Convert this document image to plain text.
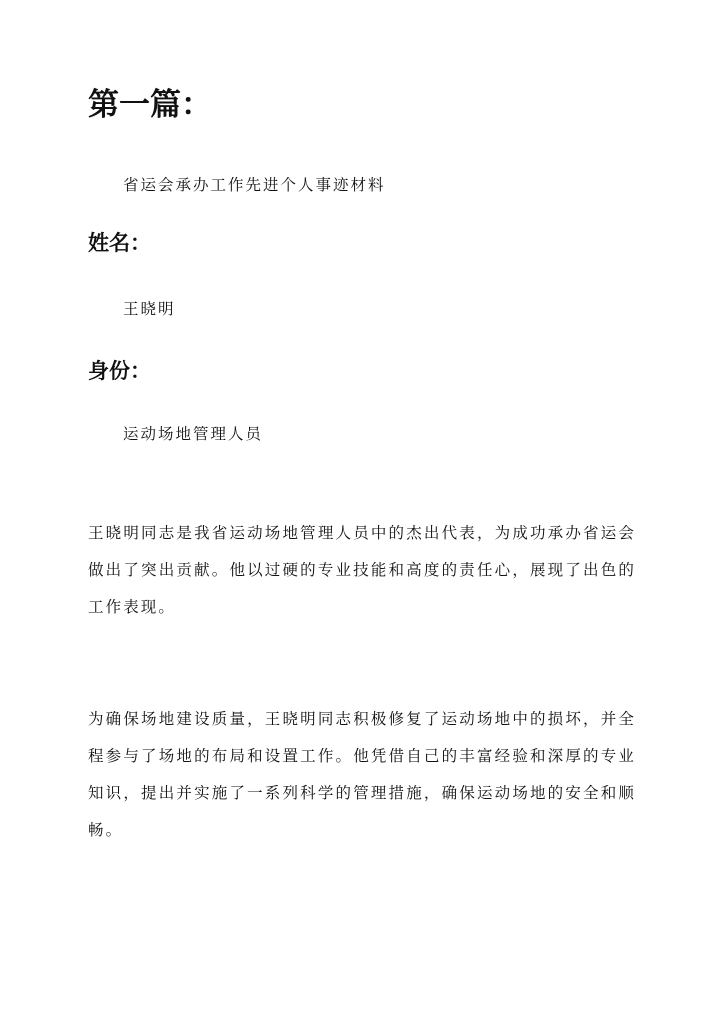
第一篇：

省运会承办工作先进个人事迹材料

姓名：

王晓明

身份：

运动场地管理人员

王晓明同志是我省运动场地管理人员中的杰出代表，为成功承办省运会做出了突出贡献。他以过硬的专业技能和高度的责任心，展现了出色的工作表现。

为确保场地建设质量，王晓明同志积极修复了运动场地中的损坏，并全程参与了场地的布局和设置工作。他凭借自己的丰富经验和深厚的专业知识，提出并实施了一系列科学的管理措施，确保运动场地的安全和顺畅。
